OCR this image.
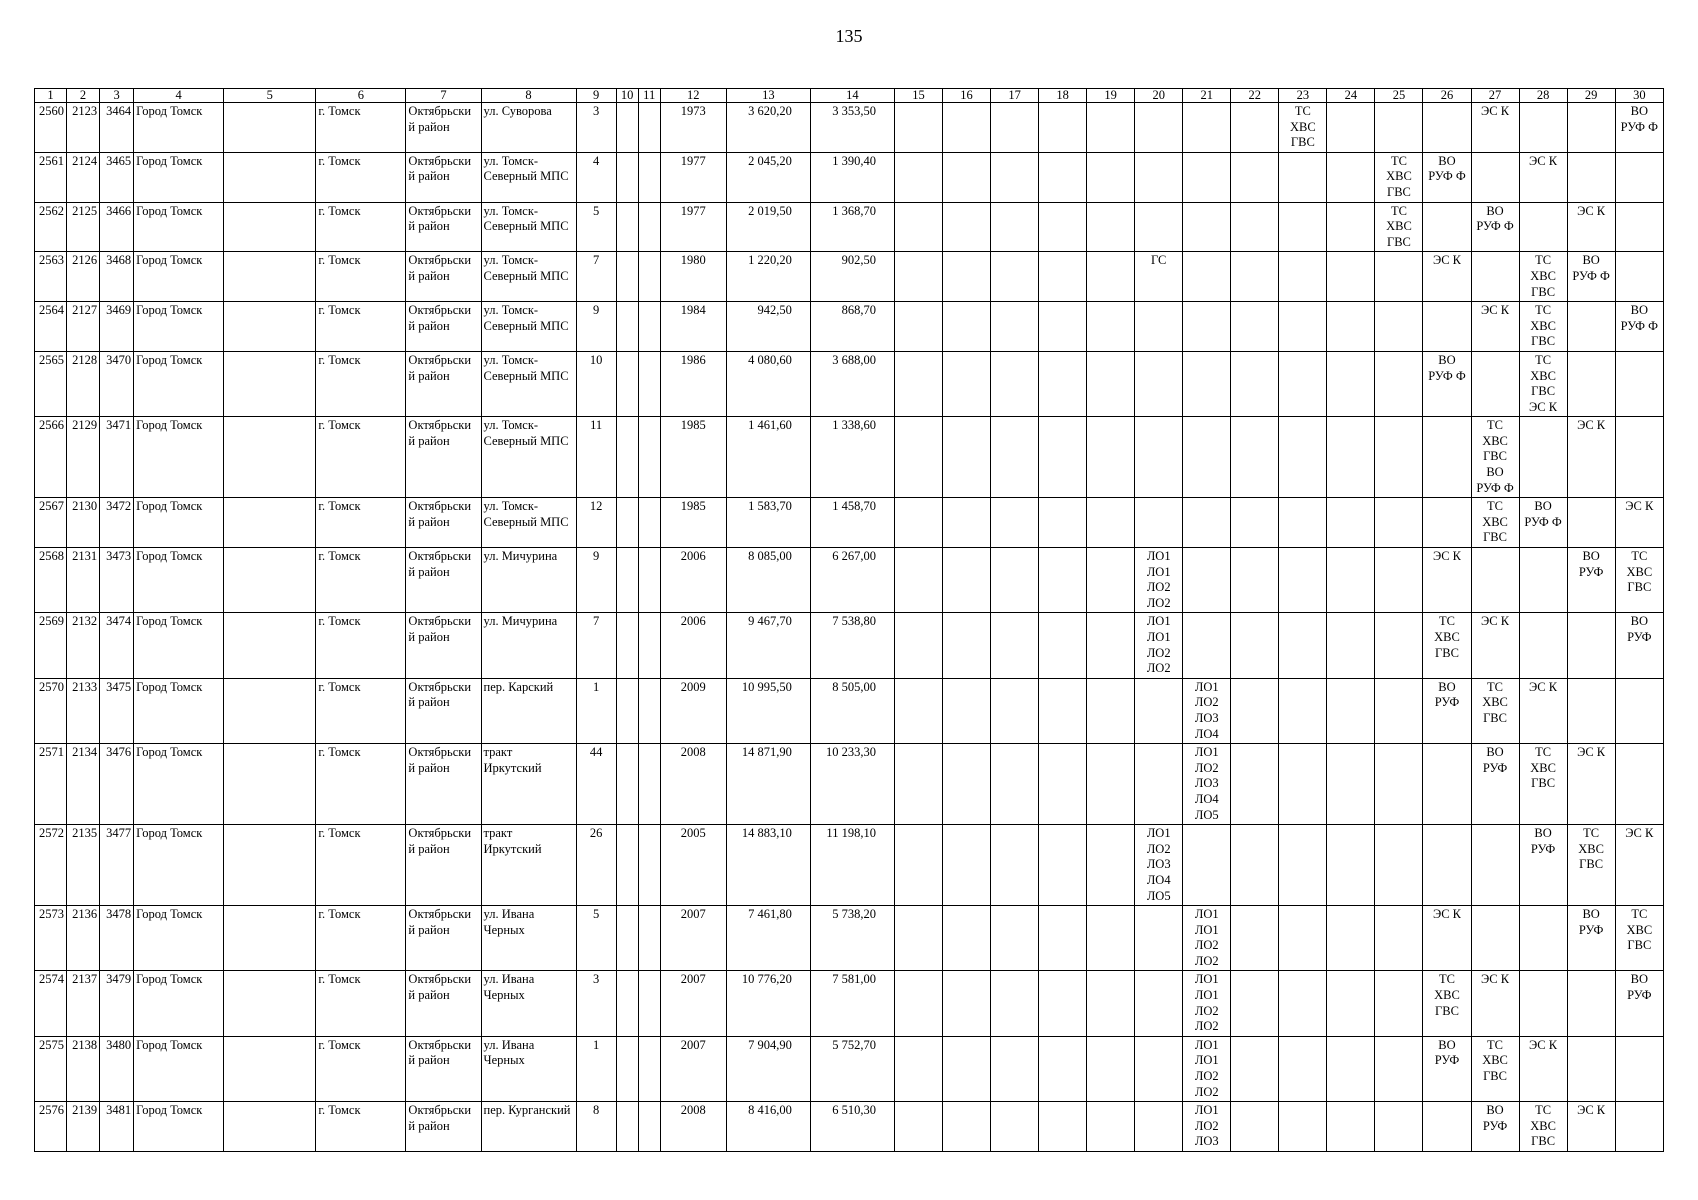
135
1	2	3	4	5	6	7	8	9	10	11	12	13	14	15	16	17	18	19	20	21	22	23	24	25	26	27	28	29	30
2560	2123	3464	Город Томск		г. Томск	Октябрьски
й район	ул. Суворова	3			1973	3 620,20	3 353,50									ТС
ХВС
ГВС				ЭС К			ВО
РУФ Ф
2561	2124	3465	Город Томск		г. Томск	Октябрьски
й район	ул. Томск-
Северный МПС	4			1977	2 045,20	1 390,40											ТС
ХВС
ГВС	ВО
РУФ Ф		ЭС К		
2562	2125	3466	Город Томск		г. Томск	Октябрьски
й район	ул. Томск-
Северный МПС	5			1977	2 019,50	1 368,70											ТС
ХВС
ГВС		ВО
РУФ Ф		ЭС К	
2563	2126	3468	Город Томск		г. Томск	Октябрьски
й район	ул. Томск-
Северный МПС	7			1980	1 220,20	902,50						ГС						ЭС К		ТС
ХВС
ГВС	ВО
РУФ Ф	
2564	2127	3469	Город Томск		г. Томск	Октябрьски
й район	ул. Томск-
Северный МПС	9			1984	942,50	868,70													ЭС К	ТС
ХВС
ГВС		ВО
РУФ Ф
2565	2128	3470	Город Томск		г. Томск	Октябрьски
й район	ул. Томск-
Северный МПС	10			1986	4 080,60	3 688,00												ВО
РУФ Ф		ТС
ХВС
ГВС
ЭС К		
2566	2129	3471	Город Томск		г. Томск	Октябрьски
й район	ул. Томск-
Северный МПС	11			1985	1 461,60	1 338,60													ТС
ХВС
ГВС
ВО
РУФ Ф		ЭС К	
2567	2130	3472	Город Томск		г. Томск	Октябрьски
й район	ул. Томск-
Северный МПС	12			1985	1 583,70	1 458,70													ТС
ХВС
ГВС	ВО
РУФ Ф		ЭС К
2568	2131	3473	Город Томск		г. Томск	Октябрьски
й район	ул. Мичурина	9			2006	8 085,00	6 267,00						ЛО1
ЛО1
ЛО2
ЛО2						ЭС К			ВО
РУФ	ТС
ХВС
ГВС
2569	2132	3474	Город Томск		г. Томск	Октябрьски
й район	ул. Мичурина	7			2006	9 467,70	7 538,80						ЛО1
ЛО1
ЛО2
ЛО2						ТС
ХВС
ГВС	ЭС К			ВО
РУФ
2570	2133	3475	Город Томск		г. Томск	Октябрьски
й район	пер. Карский	1			2009	10 995,50	8 505,00							ЛО1
ЛО2
ЛО3
ЛО4					ВО
РУФ	ТС
ХВС
ГВС	ЭС К		
2571	2134	3476	Город Томск		г. Томск	Октябрьски
й район	тракт
Иркутский	44			2008	14 871,90	10 233,30							ЛО1
ЛО2
ЛО3
ЛО4
ЛО5						ВО
РУФ	ТС
ХВС
ГВС	ЭС К	
2572	2135	3477	Город Томск		г. Томск	Октябрьски
й район	тракт
Иркутский	26			2005	14 883,10	11 198,10						ЛО1
ЛО2
ЛО3
ЛО4
ЛО5								ВО
РУФ	ТС
ХВС
ГВС	ЭС К
2573	2136	3478	Город Томск		г. Томск	Октябрьски
й район	ул. Ивана
Черных	5			2007	7 461,80	5 738,20							ЛО1
ЛО1
ЛО2
ЛО2					ЭС К			ВО
РУФ	ТС
ХВС
ГВС
2574	2137	3479	Город Томск		г. Томск	Октябрьски
й район	ул. Ивана
Черных	3			2007	10 776,20	7 581,00							ЛО1
ЛО1
ЛО2
ЛО2					ТС
ХВС
ГВС	ЭС К			ВО
РУФ
2575	2138	3480	Город Томск		г. Томск	Октябрьски
й район	ул. Ивана
Черных	1			2007	7 904,90	5 752,70							ЛО1
ЛО1
ЛО2
ЛО2					ВО
РУФ	ТС
ХВС
ГВС	ЭС К		
2576	2139	3481	Город Томск		г. Томск	Октябрьски
й район	пер. Курганский	8			2008	8 416,00	6 510,30							ЛО1
ЛО2
ЛО3						ВО
РУФ	ТС
ХВС
ГВС	ЭС К	
